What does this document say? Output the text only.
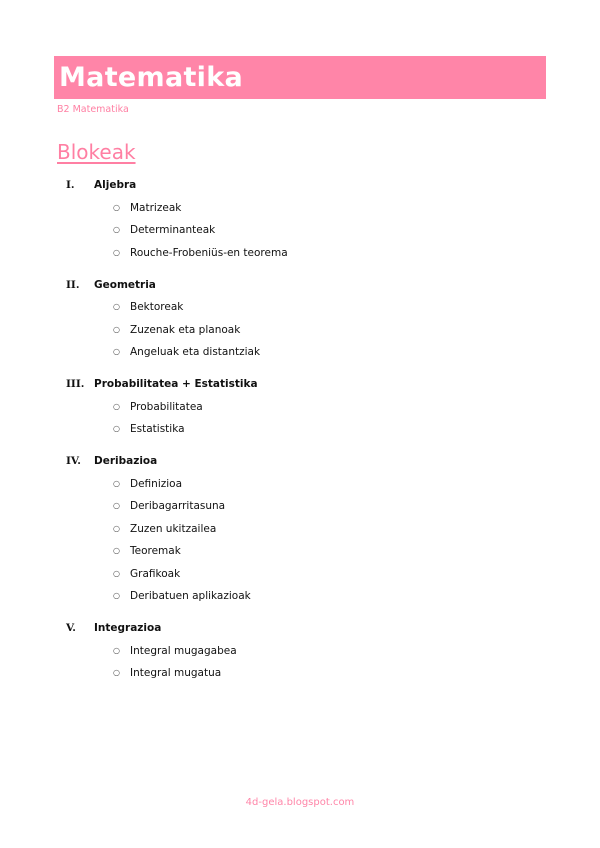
Matematika
B2 Matematika
Blokeak
I. Aljebra
○ Matrizeak
○ Determinanteak
○ Rouche-Frobeniüs-en teorema
II. Geometria
○ Bektoreak
○ Zuzenak eta planoak
○ Angeluak eta distantziak
III. Probabilitatea + Estatistika
○ Probabilitatea
○ Estatistika
IV. Deribazioa
○ Definizioa
○ Deribagarritasuna
○ Zuzen ukitzailea
○ Teoremak
○ Grafikoak
○ Deribatuen aplikazioak
V. Integrazioa
○ Integral mugagabea
○ Integral mugatua
4d-gela.blogspot.com
